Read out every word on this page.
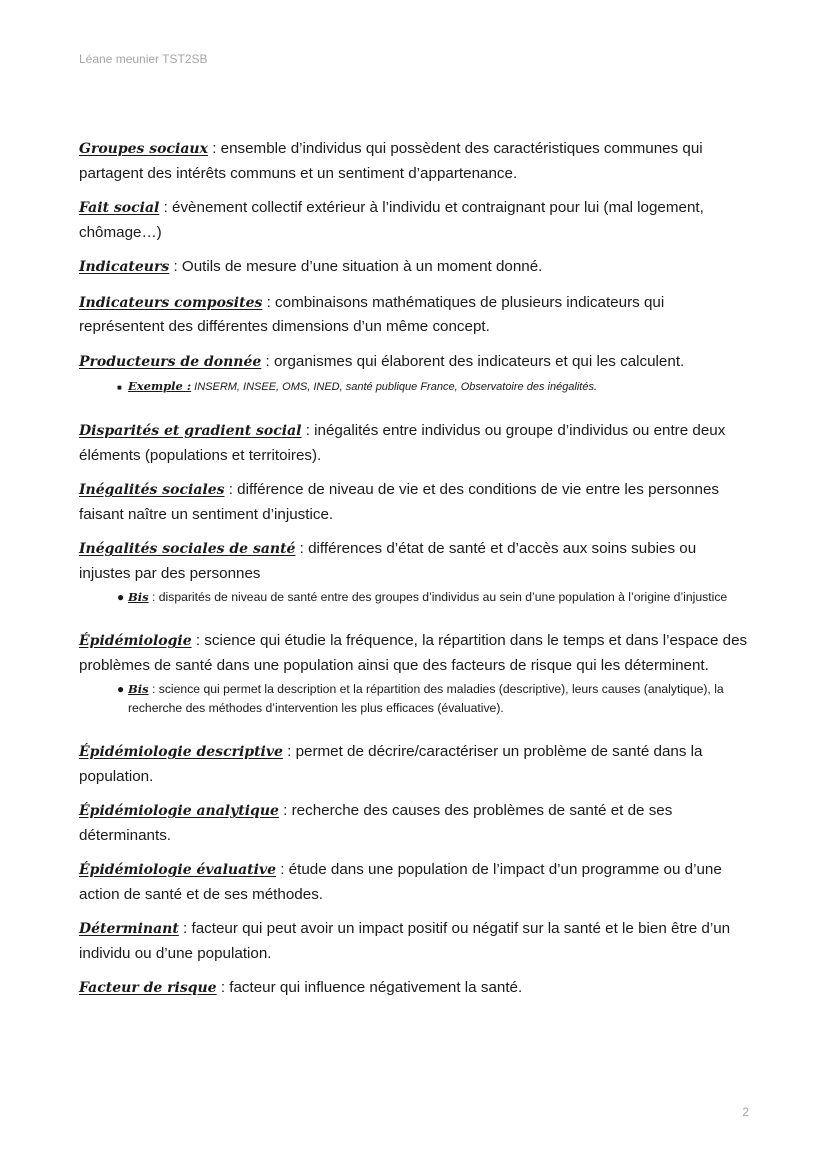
Léane meunier TST2SB

Groupes sociaux : ensemble d’individus qui possèdent des caractéristiques communes qui partagent des intérêts communs et un sentiment d’appartenance.

Fait social : évènement collectif extérieur à l’individu et contraignant pour lui (mal logement, chômage…)

Indicateurs : Outils de mesure d’une situation à un moment donné.

Indicateurs composites : combinaisons mathématiques de plusieurs indicateurs qui représentent des différentes dimensions d’un même concept.

Producteurs de donnée : organismes qui élaborent des indicateurs et qui les calculent.

■ Exemple : INSERM, INSEE, OMS, INED, santé publique France, Observatoire des inégalités.

Disparités et gradient social : inégalités entre individus ou groupe d’individus ou entre deux éléments (populations et territoires).

Inégalités sociales : différence de niveau de vie et des conditions de vie entre les personnes faisant naître un sentiment d’injustice.

Inégalités sociales de santé : différences d’état de santé et d’accès aux soins subies ou injustes par des personnes

● Bis : disparités de niveau de santé entre des groupes d’individus au sein d’une population à l’origine d’injustice

Épidémiologie : science qui étudie la fréquence, la répartition dans le temps et dans l’espace des problèmes de santé dans une population ainsi que des facteurs de risque qui les déterminent.

● Bis : science qui permet la description et la répartition des maladies (descriptive), leurs causes (analytique), la recherche des méthodes d’intervention les plus efficaces (évaluative).

Épidémiologie descriptive : permet de décrire/caractériser un problème de santé dans la population.

Épidémiologie analytique : recherche des causes des problèmes de santé et de ses déterminants.

Épidémiologie évaluative : étude dans une population de l’impact d’un programme ou d’une action de santé et de ses méthodes.

Déterminant : facteur qui peut avoir un impact positif ou négatif sur la santé et le bien être d’un individu ou d’une population.

Facteur de risque : facteur qui influence négativement la santé.

2
